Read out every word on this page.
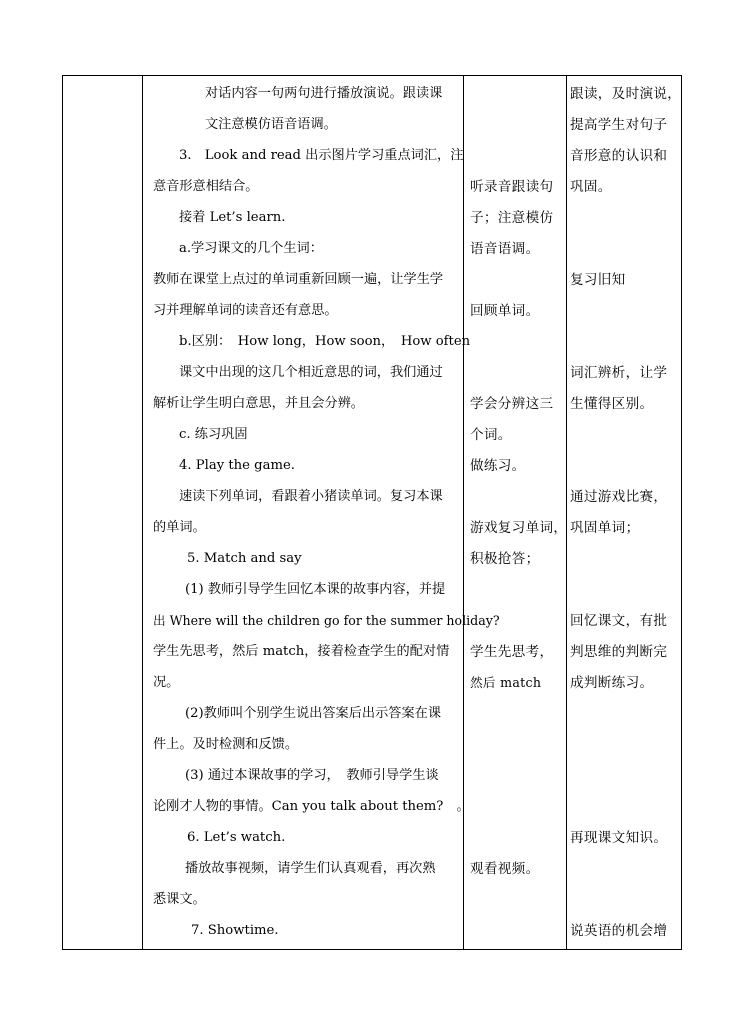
对话内容一句两句进行播放演说。跟读课
文注意模仿语音语调。
3.　Look and read 出示图片学习重点词汇，注
意音形意相结合。
接着 Let’s learn.
a.学习课文的几个生词：
教师在课堂上点过的单词重新回顾一遍，让学生学
习并理解单词的读音还有意思。
b.区别：　How long，How soon，　How often
课文中出现的这几个相近意思的词，我们通过
解析让学生明白意思，并且会分辨。
c. 练习巩固
4. Play the game.
速读下列单词，看跟着小猪读单词。复习本课
的单词。
5. Match and say
(1) 教师引导学生回忆本课的故事内容，并提
出 Where will the children go for the summer holiday?
学生先思考，然后 match，接着检查学生的配对情
况。
(2)教师叫个别学生说出答案后出示答案在课
件上。及时检测和反馈。
(3) 通过本课故事的学习，　教师引导学生谈
论刚才人物的事情。Can you talk about them?　。
6. Let’s watch.
播放故事视频，请学生们认真观看，再次熟
悉课文。
7. Showtime.
听录音跟读句
子；注意模仿
语音语调。
回顾单词。
学会分辨这三
个词。
做练习。
游戏复习单词，
积极抢答；
学生先思考，
然后 match
观看视频。
跟读，及时演说，
提高学生对句子
音形意的认识和
巩固。
复习旧知
词汇辨析，让学
生懂得区别。
通过游戏比赛，
巩固单词；
回忆课文，有批
判思维的判断完
成判断练习。
再现课文知识。
说英语的机会增
